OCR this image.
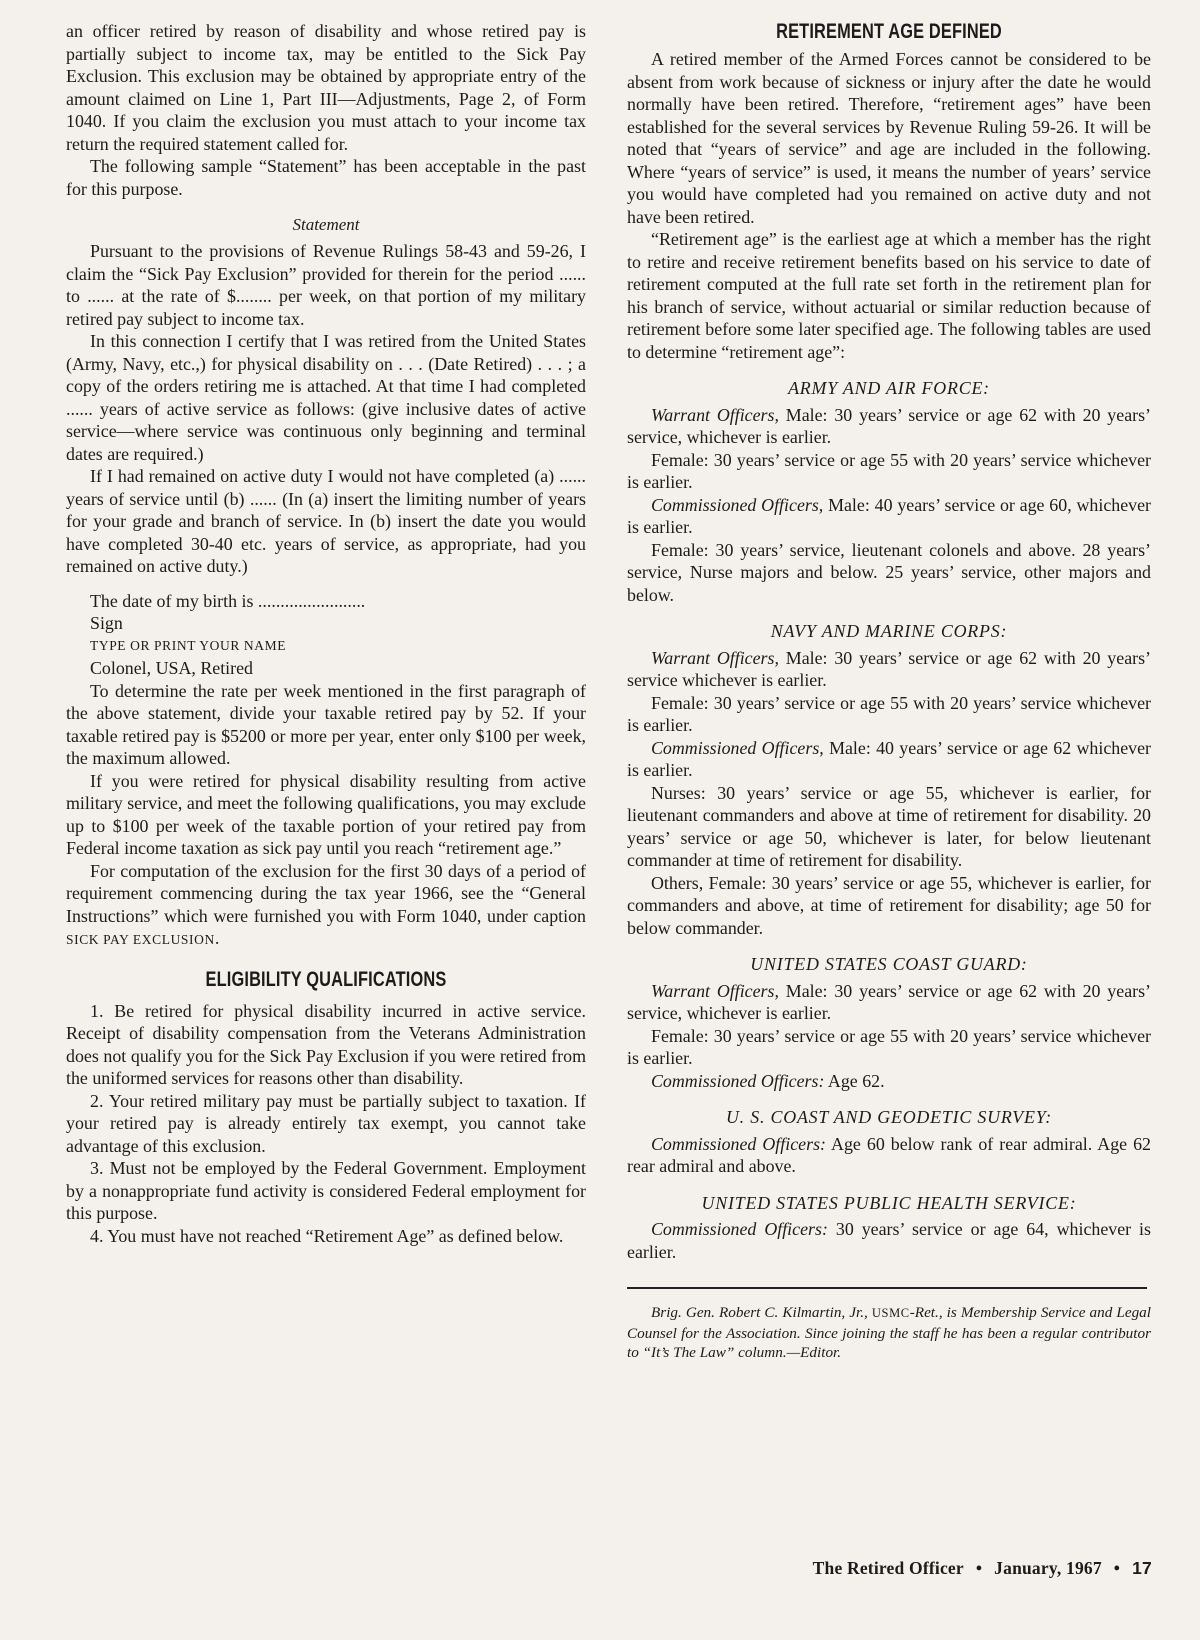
an officer retired by reason of disability and whose retired pay is partially subject to income tax, may be entitled to the Sick Pay Exclusion. This exclusion may be obtained by appropriate entry of the amount claimed on Line 1, Part III—Adjustments, Page 2, of Form 1040. If you claim the exclusion you must attach to your income tax return the required statement called for.

The following sample “Statement” has been acceptable in the past for this purpose.

Statement

Pursuant to the provisions of Revenue Rulings 58-43 and 59-26, I claim the “Sick Pay Exclusion” provided for therein for the period ...... to ...... at the rate of $........ per week, on that portion of my military retired pay subject to income tax.

In this connection I certify that I was retired from the United States (Army, Navy, etc.,) for physical disability on . . . (Date Retired) . . . ; a copy of the orders retiring me is attached. At that time I had completed ...... years of active service as follows: (give inclusive dates of active service—where service was continuous only beginning and terminal dates are required.)

If I had remained on active duty I would not have completed (a) ...... years of service until (b) ...... (In (a) insert the limiting number of years for your grade and branch of service. In (b) insert the date you would have completed 30-40 etc. years of service, as appropriate, had you remained on active duty.)

The date of my birth is ........................

Sign

TYPE OR PRINT YOUR NAME

Colonel, USA, Retired

To determine the rate per week mentioned in the first paragraph of the above statement, divide your taxable retired pay by 52. If your taxable retired pay is $5200 or more per year, enter only $100 per week, the maximum allowed.

If you were retired for physical disability resulting from active military service, and meet the following qualifications, you may exclude up to $100 per week of the taxable portion of your retired pay from Federal income taxation as sick pay until you reach “retirement age.”

For computation of the exclusion for the first 30 days of a period of requirement commencing during the tax year 1966, see the “General Instructions” which were furnished you with Form 1040, under caption SICK PAY EXCLUSION.

ELIGIBILITY QUALIFICATIONS

1. Be retired for physical disability incurred in active service. Receipt of disability compensation from the Veterans Administration does not qualify you for the Sick Pay Exclusion if you were retired from the uniformed services for reasons other than disability.

2. Your retired military pay must be partially subject to taxation. If your retired pay is already entirely tax exempt, you cannot take advantage of this exclusion.

3. Must not be employed by the Federal Government. Employment by a nonappropriate fund activity is considered Federal employment for this purpose.

4. You must have not reached “Retirement Age” as defined below.

RETIREMENT AGE DEFINED

A retired member of the Armed Forces cannot be considered to be absent from work because of sickness or injury after the date he would normally have been retired. Therefore, “retirement ages” have been established for the several services by Revenue Ruling 59-26. It will be noted that “years of service” and age are included in the following. Where “years of service” is used, it means the number of years’ service you would have completed had you remained on active duty and not have been retired.

“Retirement age” is the earliest age at which a member has the right to retire and receive retirement benefits based on his service to date of retirement computed at the full rate set forth in the retirement plan for his branch of service, without actuarial or similar reduction because of retirement before some later specified age. The following tables are used to determine “retirement age”:

ARMY AND AIR FORCE:

Warrant Officers, Male: 30 years’ service or age 62 with 20 years’ service, whichever is earlier.

Female: 30 years’ service or age 55 with 20 years’ service whichever is earlier.

Commissioned Officers, Male: 40 years’ service or age 60, whichever is earlier.

Female: 30 years’ service, lieutenant colonels and above. 28 years’ service, Nurse majors and below. 25 years’ service, other majors and below.

NAVY AND MARINE CORPS:

Warrant Officers, Male: 30 years’ service or age 62 with 20 years’ service whichever is earlier.

Female: 30 years’ service or age 55 with 20 years’ service whichever is earlier.

Commissioned Officers, Male: 40 years’ service or age 62 whichever is earlier.

Nurses: 30 years’ service or age 55, whichever is earlier, for lieutenant commanders and above at time of retirement for disability. 20 years’ service or age 50, whichever is later, for below lieutenant commander at time of retirement for disability.

Others, Female: 30 years’ service or age 55, whichever is earlier, for commanders and above, at time of retirement for disability; age 50 for below commander.

UNITED STATES COAST GUARD:

Warrant Officers, Male: 30 years’ service or age 62 with 20 years’ service, whichever is earlier.

Female: 30 years’ service or age 55 with 20 years’ service whichever is earlier.

Commissioned Officers: Age 62.

U. S. COAST AND GEODETIC SURVEY:

Commissioned Officers: Age 60 below rank of rear admiral. Age 62 rear admiral and above.

UNITED STATES PUBLIC HEALTH SERVICE:

Commissioned Officers: 30 years’ service or age 64, whichever is earlier.

Brig. Gen. Robert C. Kilmartin, Jr., USMC-Ret., is Membership Service and Legal Counsel for the Association. Since joining the staff he has been a regular contributor to “It’s The Law” column.—Editor.

The Retired Officer • January, 1967 • 17
